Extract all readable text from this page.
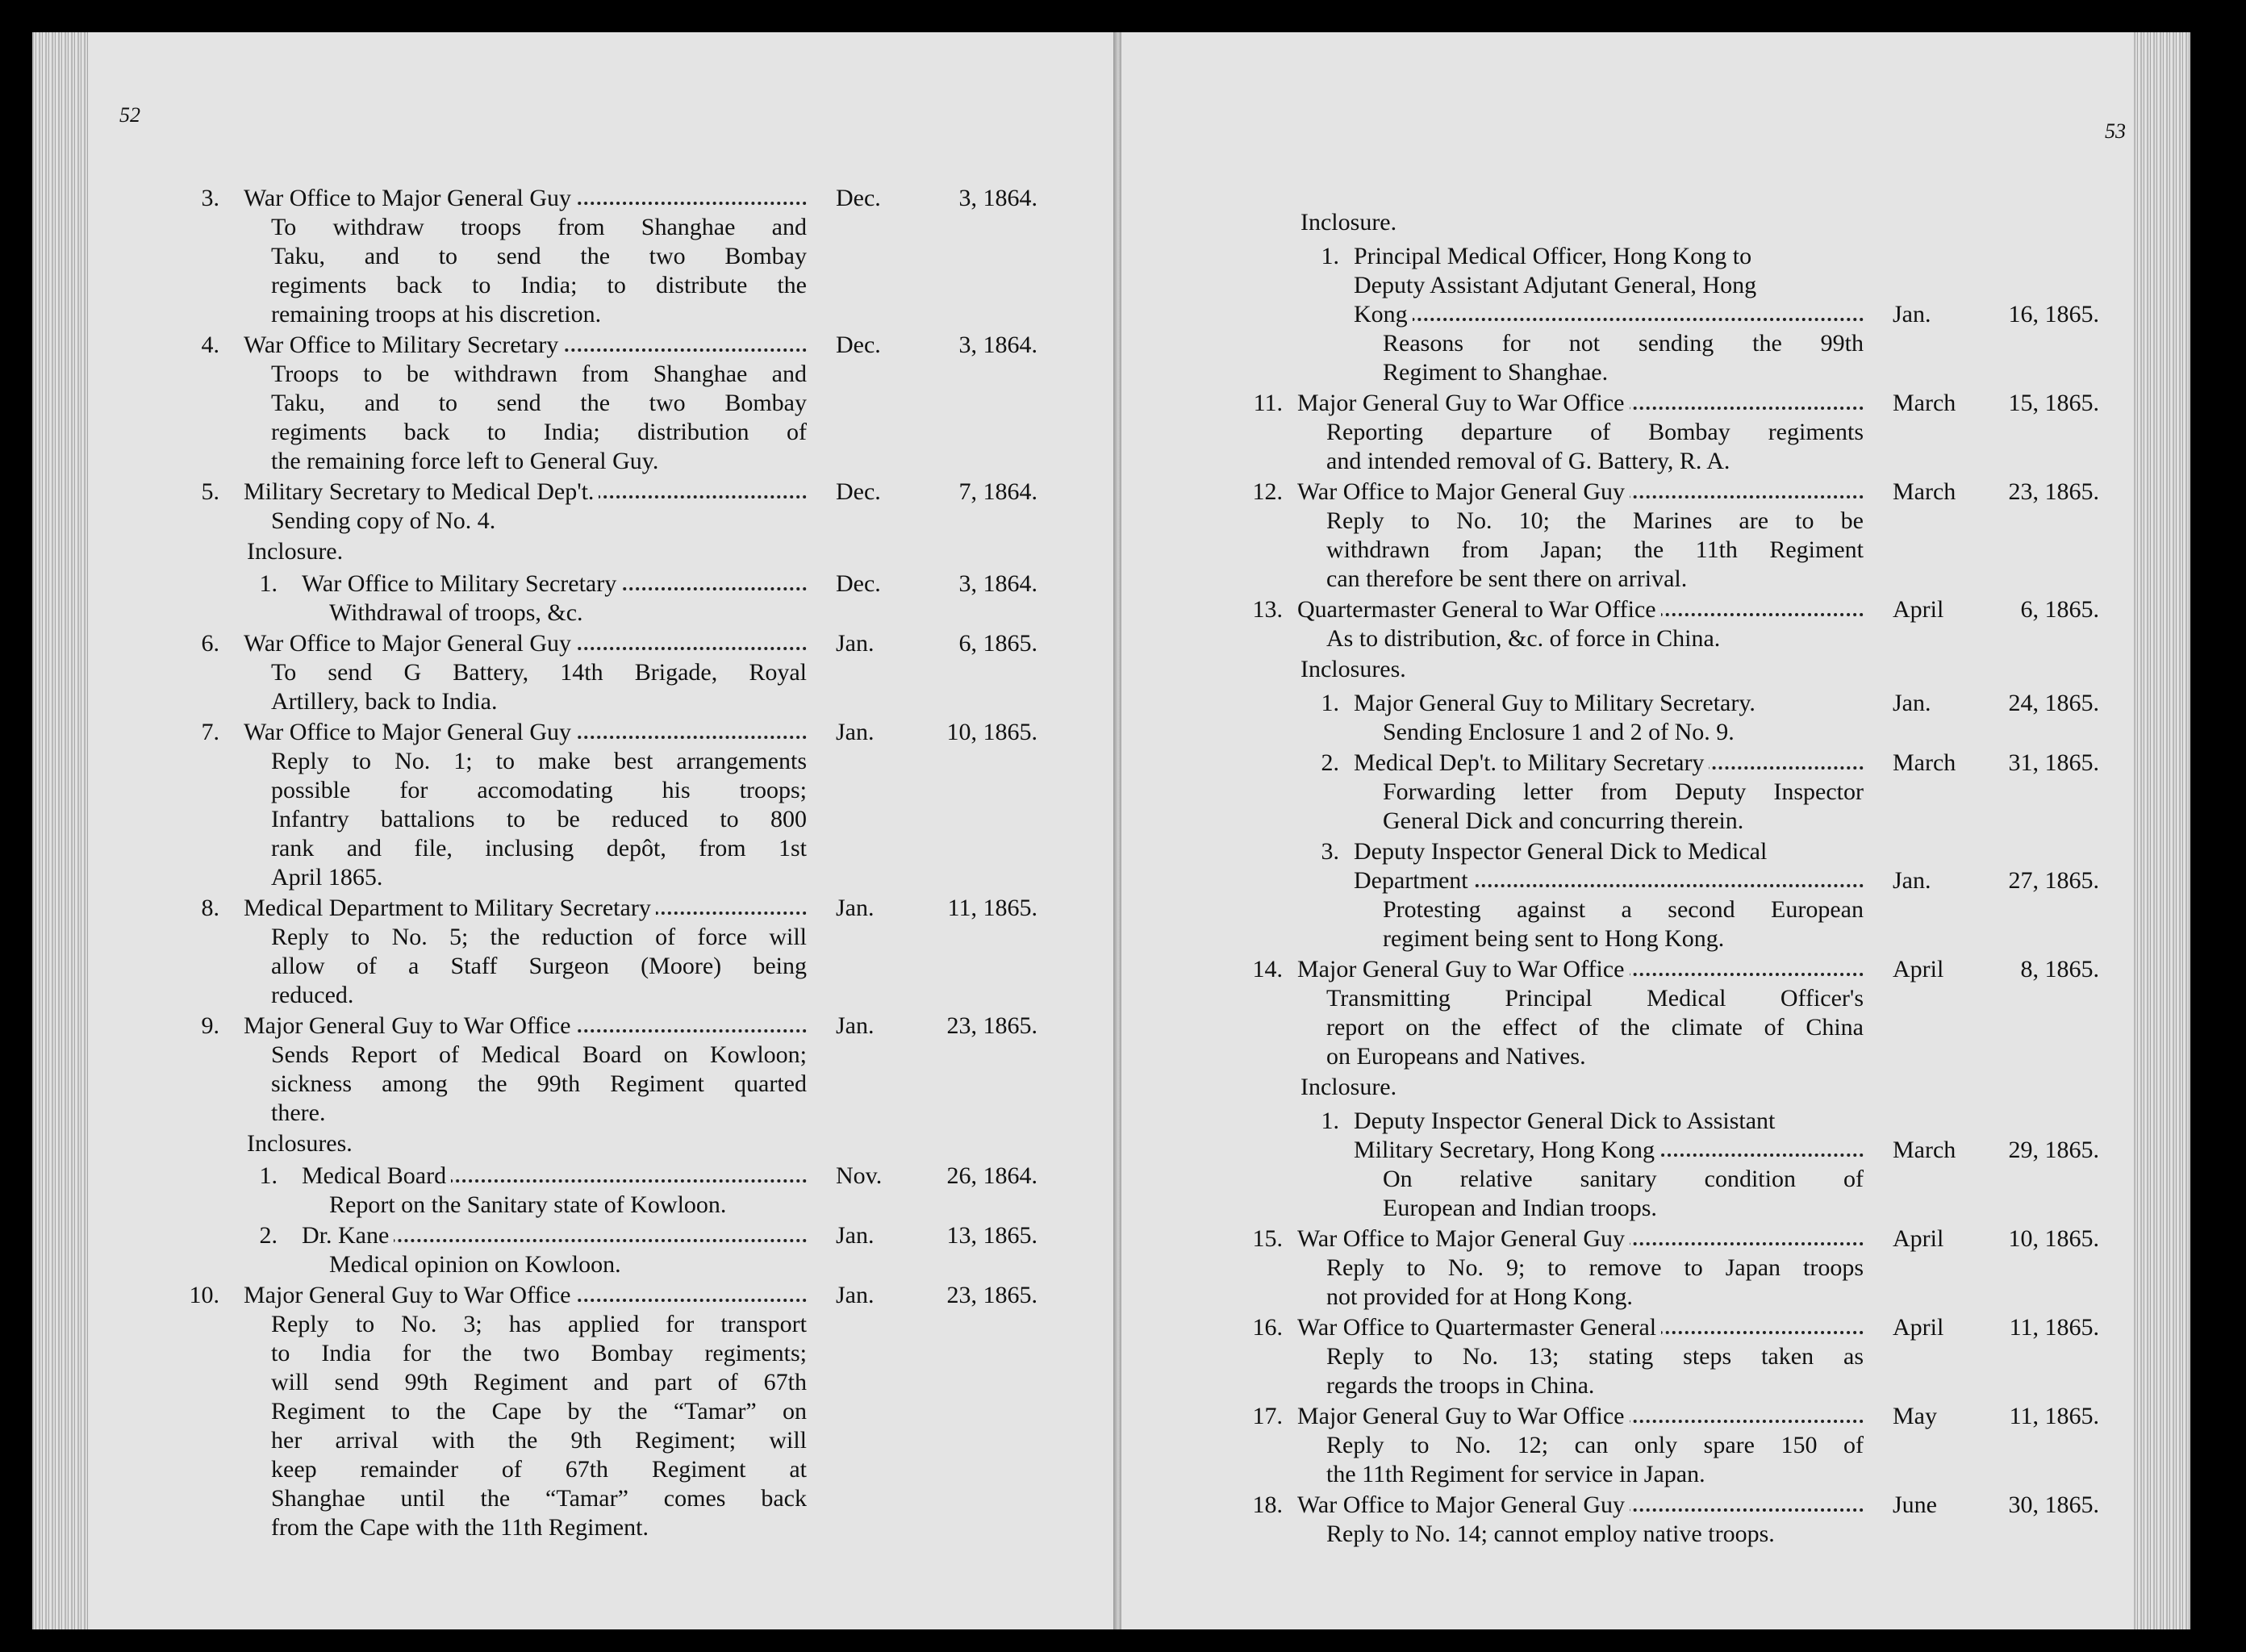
52
3. War Office to Major General Guy	Dec.	3, 1864.
To withdraw troops from Shanghae and
Taku, and to send the two Bombay
regiments back to India; to distribute the
remaining troops at his discretion.
4. War Office to Military Secretary	Dec.	3, 1864.
Troops to be withdrawn from Shanghae and
Taku, and to send the two Bombay
regiments back to India; distribution of
the remaining force left to General Guy.
5. Military Secretary to Medical Dep't.	Dec.	7, 1864.
Sending copy of No. 4.
Inclosure.
1. War Office to Military Secretary	Dec.	3, 1864.
Withdrawal of troops, &c.
6. War Office to Major General Guy	Jan.	6, 1865.
To send G Battery, 14th Brigade, Royal
Artillery, back to India.
7. War Office to Major General Guy	Jan.	10, 1865.
Reply to No. 1; to make best arrangements
possible for accomodating his troops;
Infantry battalions to be reduced to 800
rank and file, inclusing depôt, from 1st
April 1865.
8. Medical Department to Military Secretary	Jan.	11, 1865.
Reply to No. 5; the reduction of force will
allow of a Staff Surgeon (Moore) being
reduced.
9. Major General Guy to War Office	Jan.	23, 1865.
Sends Report of Medical Board on Kowloon;
sickness among the 99th Regiment quarted
there.
Inclosures.
1. Medical Board	Nov.	26, 1864.
Report on the Sanitary state of Kowloon.
2. Dr. Kane	Jan.	13, 1865.
Medical opinion on Kowloon.
10. Major General Guy to War Office	Jan.	23, 1865.
Reply to No. 3; has applied for transport
to India for the two Bombay regiments;
will send 99th Regiment and part of 67th
Regiment to the Cape by the “Tamar” on
her arrival with the 9th Regiment; will
keep remainder of 67th Regiment at
Shanghae until the “Tamar” comes back
from the Cape with the 11th Regiment.
53
Inclosure.
1. Principal Medical Officer, Hong Kong to
Deputy Assistant Adjutant General, Hong
Kong	Jan.	16, 1865.
Reasons for not sending the 99th
Regiment to Shanghae.
11. Major General Guy to War Office	March	15, 1865.
Reporting departure of Bombay regiments
and intended removal of G. Battery, R. A.
12. War Office to Major General Guy	March	23, 1865.
Reply to No. 10; the Marines are to be
withdrawn from Japan; the 11th Regiment
can therefore be sent there on arrival.
13. Quartermaster General to War Office	April	6, 1865.
As to distribution, &c. of force in China.
Inclosures.
1. Major General Guy to Military Secretary.	Jan.	24, 1865.
Sending Enclosure 1 and 2 of No. 9.
2. Medical Dep't. to Military Secretary	March	31, 1865.
Forwarding letter from Deputy Inspector
General Dick and concurring therein.
3. Deputy Inspector General Dick to Medical
Department	Jan.	27, 1865.
Protesting against a second European
regiment being sent to Hong Kong.
14. Major General Guy to War Office	April	8, 1865.
Transmitting Principal Medical Officer's
report on the effect of the climate of China
on Europeans and Natives.
Inclosure.
1. Deputy Inspector General Dick to Assistant
Military Secretary, Hong Kong	March	29, 1865.
On relative sanitary condition of
European and Indian troops.
15. War Office to Major General Guy	April	10, 1865.
Reply to No. 9; to remove to Japan troops
not provided for at Hong Kong.
16. War Office to Quartermaster General	April	11, 1865.
Reply to No. 13; stating steps taken as
regards the troops in China.
17. Major General Guy to War Office	May	11, 1865.
Reply to No. 12; can only spare 150 of
the 11th Regiment for service in Japan.
18. War Office to Major General Guy	June	30, 1865.
Reply to No. 14; cannot employ native troops.
